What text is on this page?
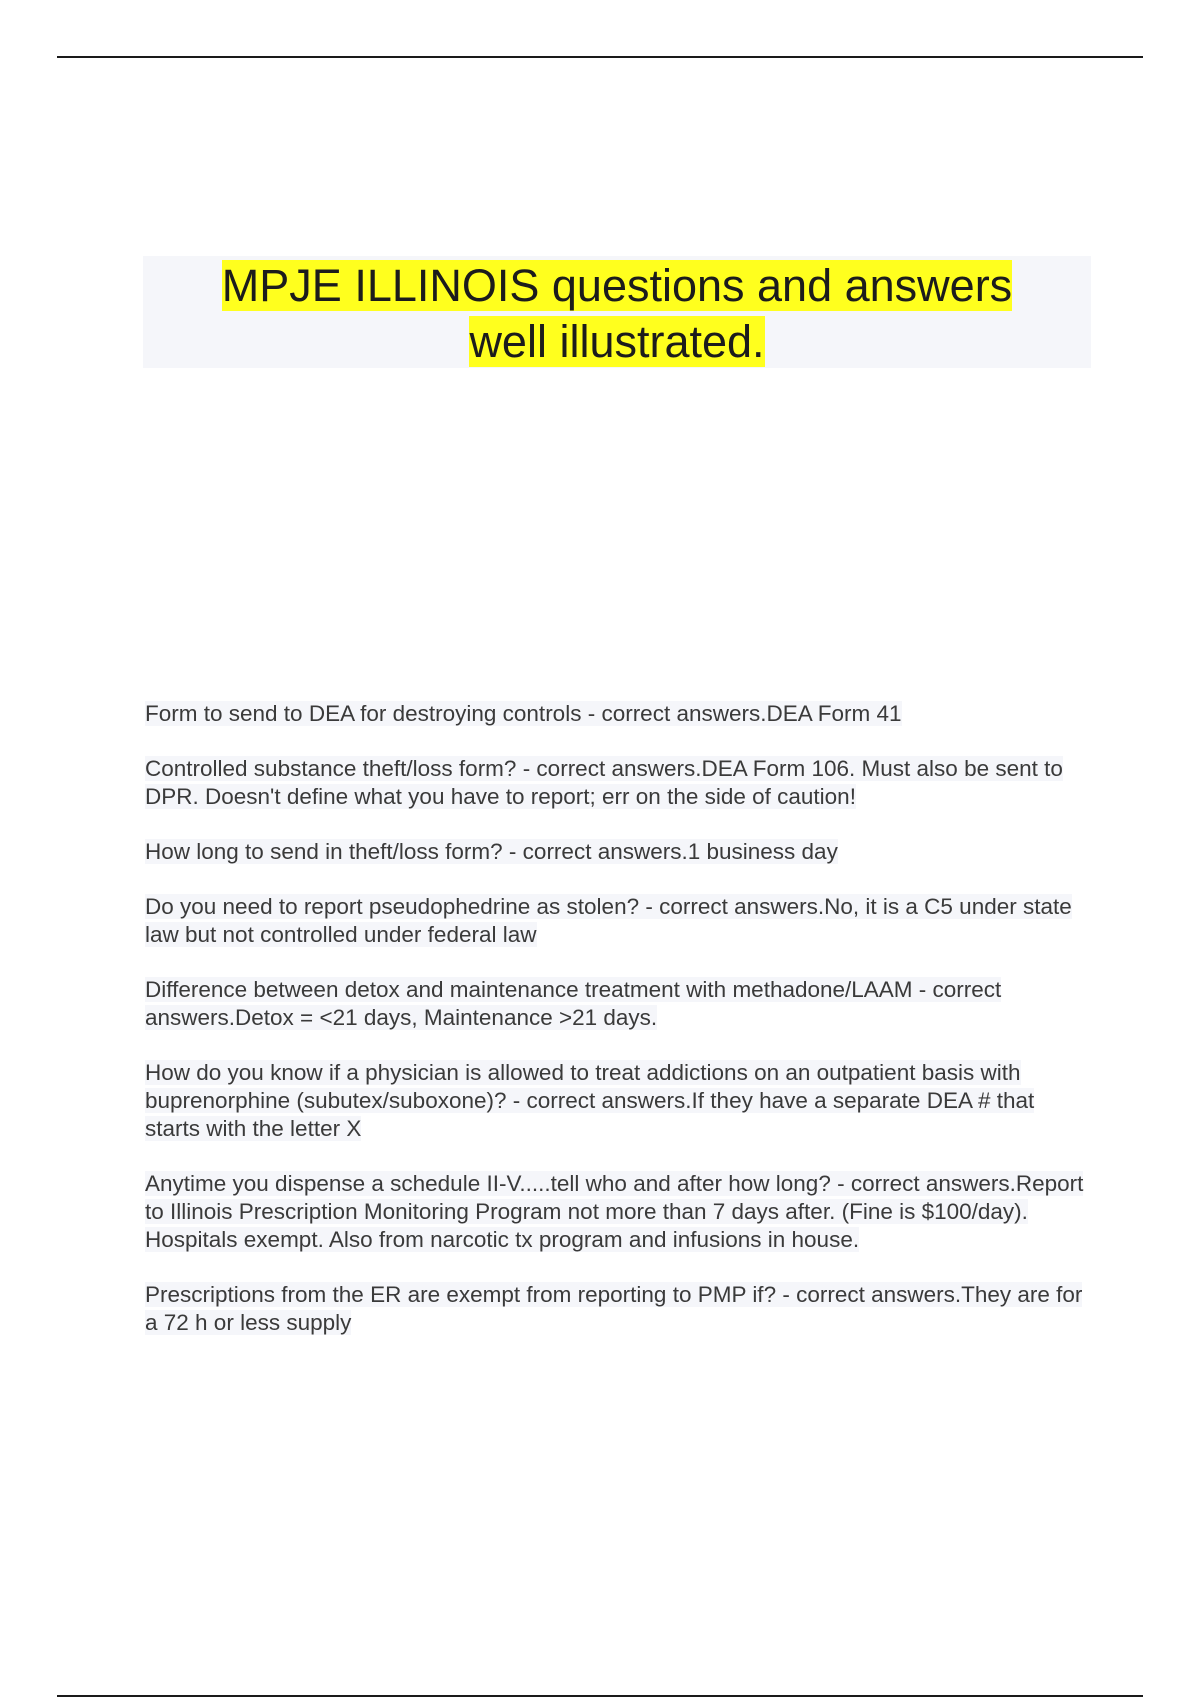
MPJE ILLINOIS questions and answers
well illustrated.

Form to send to DEA for destroying controls - correct answers.DEA Form 41

Controlled substance theft/loss form? - correct answers.DEA Form 106. Must also be sent to DPR. Doesn't define what you have to report; err on the side of caution!

How long to send in theft/loss form? - correct answers.1 business day

Do you need to report pseudophedrine as stolen? - correct answers.No, it is a C5 under state law but not controlled under federal law

Difference between detox and maintenance treatment with methadone/LAAM - correct answers.Detox = <21 days, Maintenance >21 days.

How do you know if a physician is allowed to treat addictions on an outpatient basis with buprenorphine (subutex/suboxone)? - correct answers.If they have a separate DEA # that starts with the letter X

Anytime you dispense a schedule II-V.....tell who and after how long? - correct answers.Report to Illinois Prescription Monitoring Program not more than 7 days after. (Fine is $100/day). Hospitals exempt. Also from narcotic tx program and infusions in house.

Prescriptions from the ER are exempt from reporting to PMP if? - correct answers.They are for a 72 h or less supply
